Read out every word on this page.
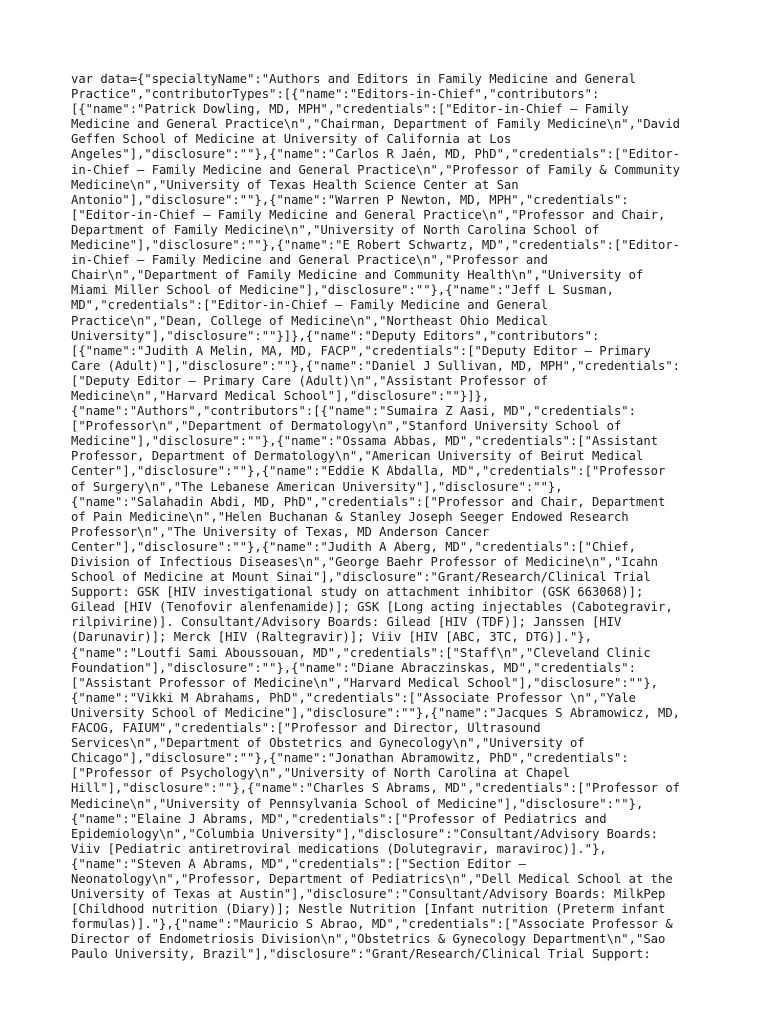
var data={"specialtyName":"Authors and Editors in Family Medicine and General
Practice","contributorTypes":[{"name":"Editors-in-Chief","contributors":
[{"name":"Patrick Dowling, MD, MPH","credentials":["Editor-in-Chief — Family
Medicine and General Practice\n","Chairman, Department of Family Medicine\n","David
Geffen School of Medicine at University of California at Los
Angeles"],"disclosure":""},{"name":"Carlos R Jaén, MD, PhD","credentials":["Editor-
in-Chief — Family Medicine and General Practice\n","Professor of Family & Community
Medicine\n","University of Texas Health Science Center at San
Antonio"],"disclosure":""},{"name":"Warren P Newton, MD, MPH","credentials":
["Editor-in-Chief — Family Medicine and General Practice\n","Professor and Chair,
Department of Family Medicine\n","University of North Carolina School of
Medicine"],"disclosure":""},{"name":"E Robert Schwartz, MD","credentials":["Editor-
in-Chief — Family Medicine and General Practice\n","Professor and
Chair\n","Department of Family Medicine and Community Health\n","University of
Miami Miller School of Medicine"],"disclosure":""},{"name":"Jeff L Susman,
MD","credentials":["Editor-in-Chief — Family Medicine and General
Practice\n","Dean, College of Medicine\n","Northeast Ohio Medical
University"],"disclosure":""}]},{"name":"Deputy Editors","contributors":
[{"name":"Judith A Melin, MA, MD, FACP","credentials":["Deputy Editor — Primary
Care (Adult)"],"disclosure":""},{"name":"Daniel J Sullivan, MD, MPH","credentials":
["Deputy Editor — Primary Care (Adult)\n","Assistant Professor of
Medicine\n","Harvard Medical School"],"disclosure":""}]},
{"name":"Authors","contributors":[{"name":"Sumaira Z Aasi, MD","credentials":
["Professor\n","Department of Dermatology\n","Stanford University School of
Medicine"],"disclosure":""},{"name":"Ossama Abbas, MD","credentials":["Assistant
Professor, Department of Dermatology\n","American University of Beirut Medical
Center"],"disclosure":""},{"name":"Eddie K Abdalla, MD","credentials":["Professor
of Surgery\n","The Lebanese American University"],"disclosure":""},
{"name":"Salahadin Abdi, MD, PhD","credentials":["Professor and Chair, Department
of Pain Medicine\n","Helen Buchanan & Stanley Joseph Seeger Endowed Research
Professor\n","The University of Texas, MD Anderson Cancer
Center"],"disclosure":""},{"name":"Judith A Aberg, MD","credentials":["Chief,
Division of Infectious Diseases\n","George Baehr Professor of Medicine\n","Icahn
School of Medicine at Mount Sinai"],"disclosure":"Grant/Research/Clinical Trial
Support: GSK [HIV investigational study on attachment inhibitor (GSK 663068)];
Gilead [HIV (Tenofovir alenfenamide)]; GSK [Long acting injectables (Cabotegravir,
rilpivirine)]. Consultant/Advisory Boards: Gilead [HIV (TDF)]; Janssen [HIV
(Darunavir)]; Merck [HIV (Raltegravir)]; Viiv [HIV [ABC, 3TC, DTG)]."},
{"name":"Loutfi Sami Aboussouan, MD","credentials":["Staff\n","Cleveland Clinic
Foundation"],"disclosure":""},{"name":"Diane Abraczinskas, MD","credentials":
["Assistant Professor of Medicine\n","Harvard Medical School"],"disclosure":""},
{"name":"Vikki M Abrahams, PhD","credentials":["Associate Professor \n","Yale
University School of Medicine"],"disclosure":""},{"name":"Jacques S Abramowicz, MD,
FACOG, FAIUM","credentials":["Professor and Director, Ultrasound
Services\n","Department of Obstetrics and Gynecology\n","University of
Chicago"],"disclosure":""},{"name":"Jonathan Abramowitz, PhD","credentials":
["Professor of Psychology\n","University of North Carolina at Chapel
Hill"],"disclosure":""},{"name":"Charles S Abrams, MD","credentials":["Professor of
Medicine\n","University of Pennsylvania School of Medicine"],"disclosure":""},
{"name":"Elaine J Abrams, MD","credentials":["Professor of Pediatrics and
Epidemiology\n","Columbia University"],"disclosure":"Consultant/Advisory Boards:
Viiv [Pediatric antiretroviral medications (Dolutegravir, maraviroc)]."},
{"name":"Steven A Abrams, MD","credentials":["Section Editor —
Neonatology\n","Professor, Department of Pediatrics\n","Dell Medical School at the
University of Texas at Austin"],"disclosure":"Consultant/Advisory Boards: MilkPep
[Childhood nutrition (Diary)]; Nestle Nutrition [Infant nutrition (Preterm infant
formulas)]."},{"name":"Mauricio S Abrao, MD","credentials":["Associate Professor &
Director of Endometriosis Division\n","Obstetrics & Gynecology Department\n","Sao
Paulo University, Brazil"],"disclosure":"Grant/Research/Clinical Trial Support:
